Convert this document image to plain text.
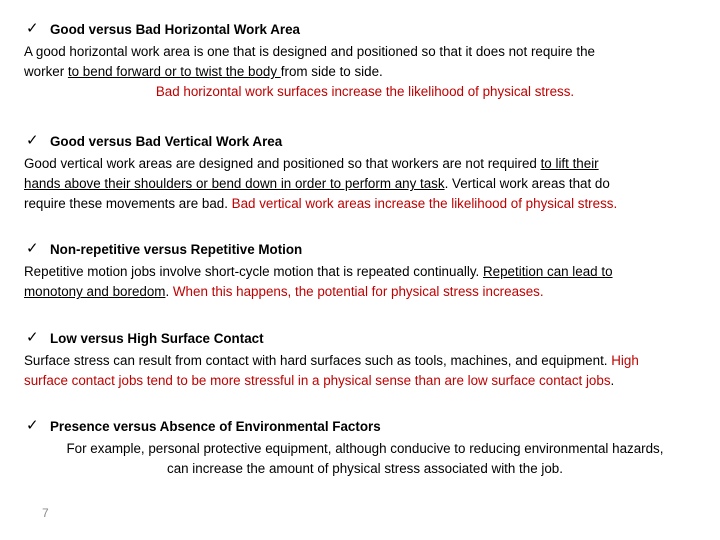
✓ Good versus Bad Horizontal Work Area
A good horizontal work area is one that is designed and positioned so that it does not require the
worker to bend forward or to twist the body from side to side.
Bad horizontal work surfaces increase the likelihood of physical stress.
✓ Good versus Bad Vertical Work Area
Good vertical work areas are designed and positioned so that workers are not required to lift their
hands above their shoulders or bend down in order to perform any task. Vertical work areas that do
require these movements are bad. Bad vertical work areas increase the likelihood of physical stress.
✓ Non-repetitive versus Repetitive Motion
Repetitive motion jobs involve short-cycle motion that is repeated continually. Repetition can lead to
monotony and boredom. When this happens, the potential for physical stress increases.
✓ Low versus High Surface Contact
Surface stress can result from contact with hard surfaces such as tools, machines, and equipment. High
surface contact jobs tend to be more stressful in a physical sense than are low surface contact jobs.
✓ Presence versus Absence of Environmental Factors
For example, personal protective equipment, although conducive to reducing environmental hazards,
can increase the amount of physical stress associated with the job.
7
